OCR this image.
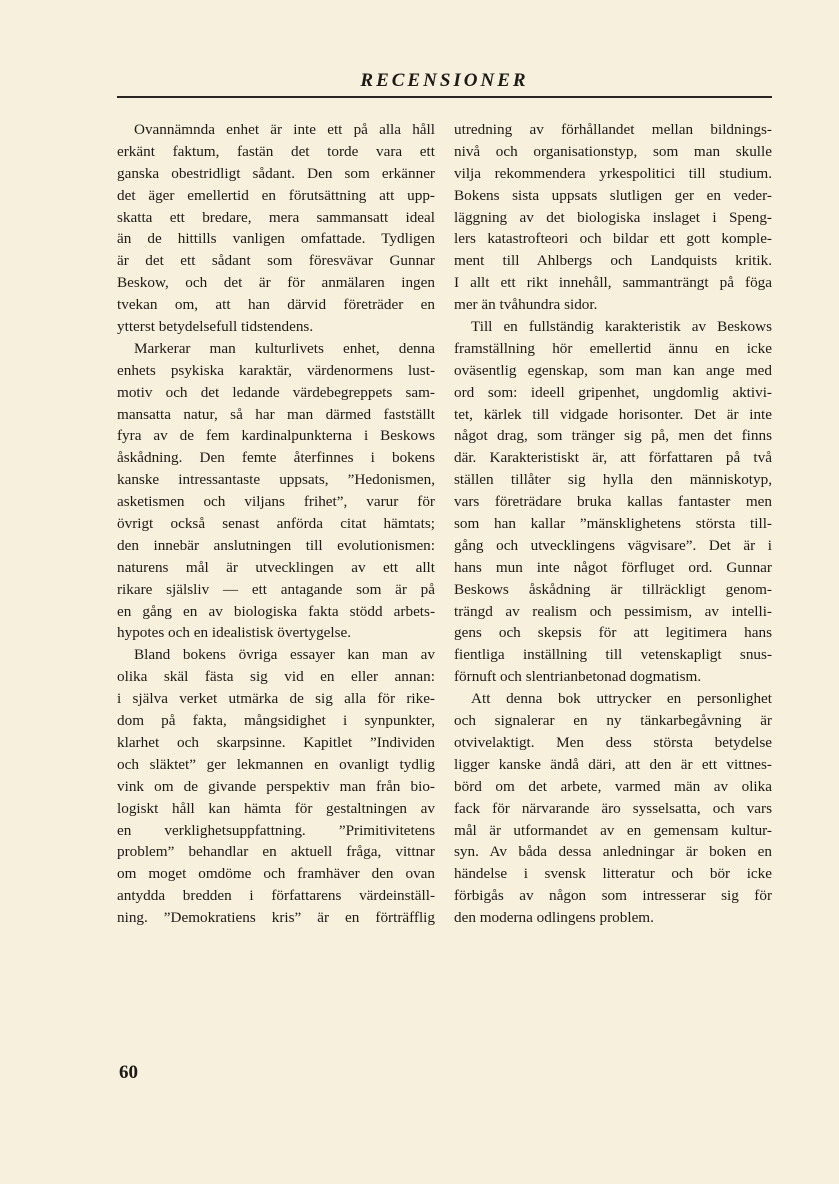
RECENSIONER
Ovannämnda enhet är inte ett på alla håll
erkänt faktum, fastän det torde vara ett
ganska obestridligt sådant. Den som erkänner
det äger emellertid en förutsättning att upp-
skatta ett bredare, mera sammansatt ideal
än de hittills vanligen omfattade. Tydligen
är det ett sådant som föresvävar Gunnar
Beskow, och det är för anmälaren ingen
tvekan om, att han därvid företräder en
ytterst betydelsefull tidstendens.
Markerar man kulturlivets enhet, denna
enhets psykiska karaktär, värdenormens lust-
motiv och det ledande värdebegreppets sam-
mansatta natur, så har man därmed fastställt
fyra av de fem kardinalpunkterna i Beskows
åskådning. Den femte återfinnes i bokens
kanske intressantaste uppsats, ”Hedonismen,
asketismen och viljans frihet”, varur för
övrigt också senast anförda citat hämtats;
den innebär anslutningen till evolutionismen:
naturens mål är utvecklingen av ett allt
rikare själsliv — ett antagande som är på
en gång en av biologiska fakta stödd arbets-
hypotes och en idealistisk övertygelse.
Bland bokens övriga essayer kan man av
olika skäl fästa sig vid en eller annan:
i själva verket utmärka de sig alla för rike-
dom på fakta, mångsidighet i synpunkter,
klarhet och skarpsinne. Kapitlet ”Individen
och släktet” ger lekmannen en ovanligt tydlig
vink om de givande perspektiv man från bio-
logiskt håll kan hämta för gestaltningen av
en verklighetsuppfattning. ”Primitivitetens
problem” behandlar en aktuell fråga, vittnar
om moget omdöme och framhäver den ovan
antydda bredden i författarens värdeinställ-
ning. ”Demokratiens kris” är en förträfflig
utredning av förhållandet mellan bildnings-
nivå och organisationstyp, som man skulle
vilja rekommendera yrkespolitici till studium.
Bokens sista uppsats slutligen ger en veder-
läggning av det biologiska inslaget i Speng-
lers katastrofteori och bildar ett gott komple-
ment till Ahlbergs och Landquists kritik.
I allt ett rikt innehåll, sammanträngt på föga
mer än tvåhundra sidor.
Till en fullständig karakteristik av Beskows
framställning hör emellertid ännu en icke
oväsentlig egenskap, som man kan ange med
ord som: ideell gripenhet, ungdomlig aktivi-
tet, kärlek till vidgade horisonter. Det är inte
något drag, som tränger sig på, men det finns
där. Karakteristiskt är, att författaren på två
ställen tillåter sig hylla den människotyp,
vars företrädare bruka kallas fantaster men
som han kallar ”mänsklighetens största till-
gång och utvecklingens vägvisare”. Det är i
hans mun inte något förfluget ord. Gunnar
Beskows åskådning är tillräckligt genom-
trängd av realism och pessimism, av intelli-
gens och skepsis för att legitimera hans
fientliga inställning till vetenskapligt snus-
förnuft och slentrianbetonad dogmatism.
Att denna bok uttrycker en personlighet
och signalerar en ny tänkarbegåvning är
otvivelaktigt. Men dess största betydelse
ligger kanske ändå däri, att den är ett vittnes-
börd om det arbete, varmed män av olika
fack för närvarande äro sysselsatta, och vars
mål är utformandet av en gemensam kultur-
syn. Av båda dessa anledningar är boken en
händelse i svensk litteratur och bör icke
förbigås av någon som intresserar sig för
den moderna odlingens problem.
60
